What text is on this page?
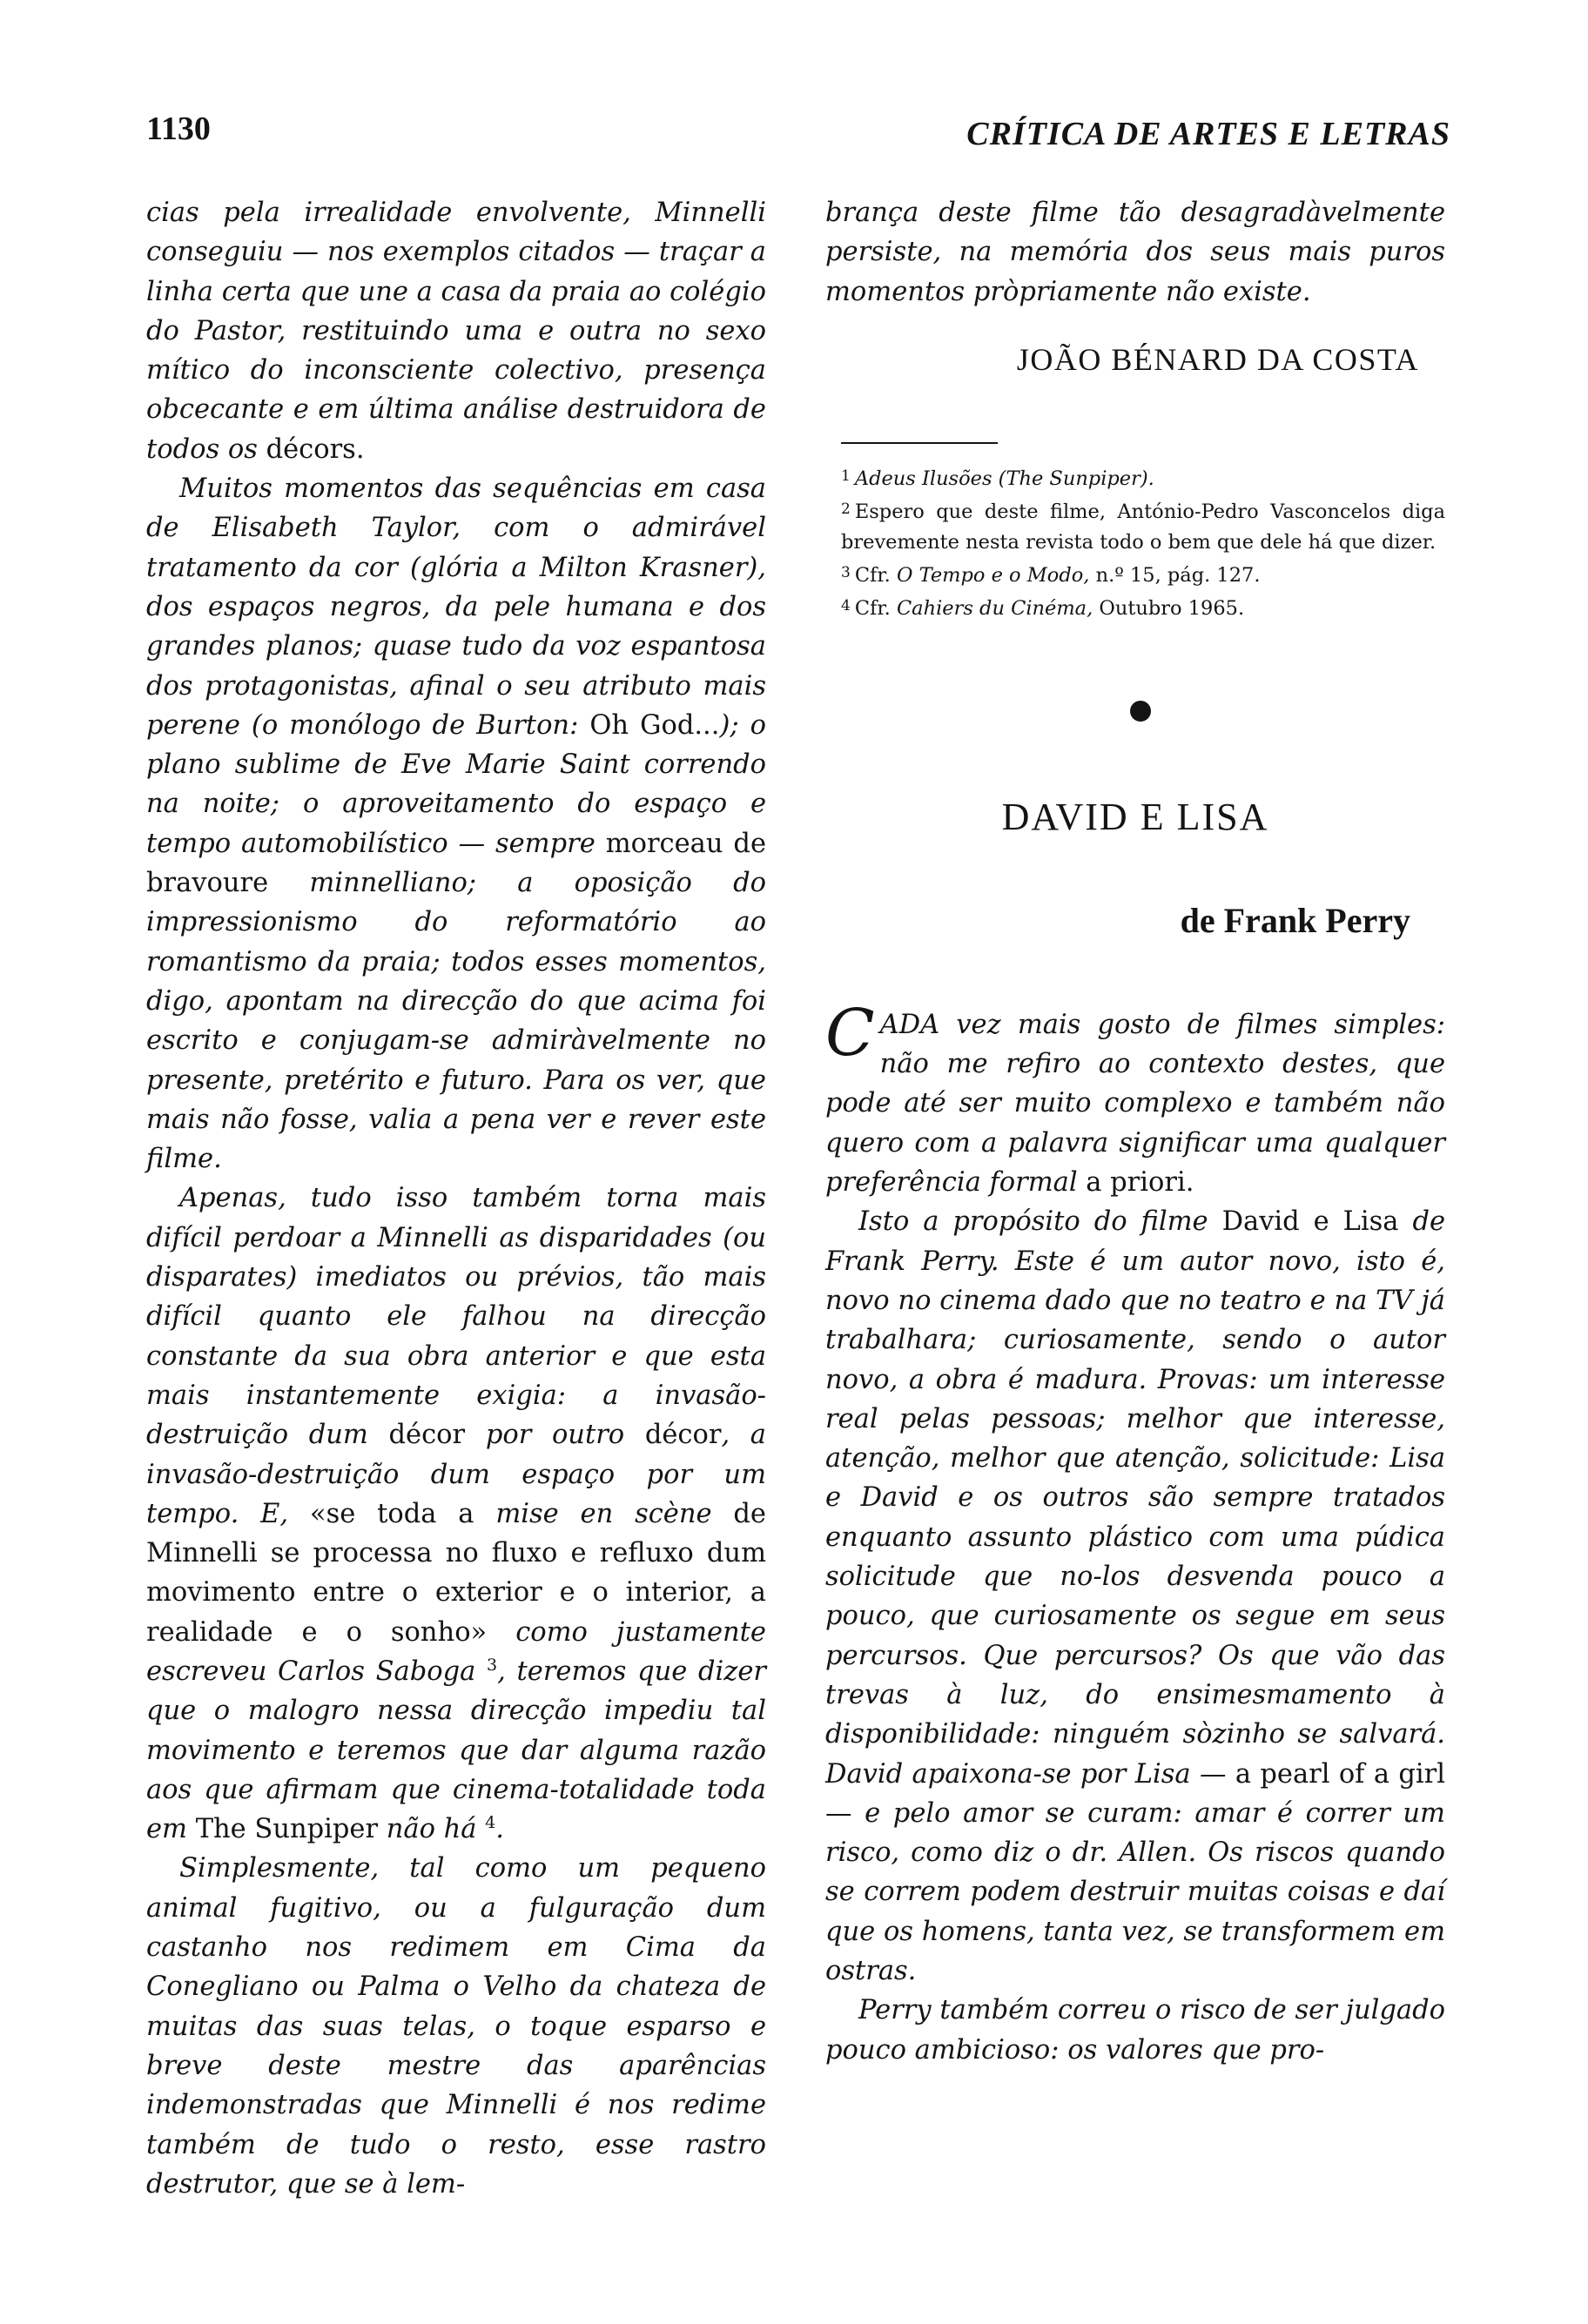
1130	CRÍTICA DE ARTES E LETRAS

cias pela irrealidade envolvente, Minnelli conseguiu — nos exemplos citados — traçar a linha certa que une a casa da praia ao colégio do Pastor, restituindo uma e outra no sexo mítico do inconsciente colectivo, presença obcecante e em última análise destruidora de todos os décors.

Muitos momentos das sequências em casa de Elisabeth Taylor, com o admirável tratamento da cor (glória a Milton Krasner), dos espaços negros, da pele humana e dos grandes planos; quase tudo da voz espantosa dos protagonistas, afinal o seu atributo mais perene (o monólogo de Burton: Oh God...); o plano sublime de Eve Marie Saint correndo na noite; o aproveitamento do espaço e tempo automobilístico — sempre morceau de bravoure minnelliano; a oposição do impressionismo do reformatório ao romantismo da praia; todos esses momentos, digo, apontam na direcção do que acima foi escrito e conjugam-se admiràvelmente no presente, pretérito e futuro. Para os ver, que mais não fosse, valia a pena ver e rever este filme.

Apenas, tudo isso também torna mais difícil perdoar a Minnelli as disparidades (ou disparates) imediatos ou prévios, tão mais difícil quanto ele falhou na direcção constante da sua obra anterior e que esta mais instantemente exigia: a invasão-destruição dum décor por outro décor, a invasão-destruição dum espaço por um tempo. E, «se toda a mise en scène de Minnelli se processa no fluxo e refluxo dum movimento entre o exterior e o interior, a realidade e o sonho» como justamente escreveu Carlos Saboga $^3$, teremos que dizer que o malogro nessa direcção impediu tal movimento e teremos que dar alguma razão aos que afirmam que cinema-totalidade toda em The Sunpiper não há $^4$.

Simplesmente, tal como um pequeno animal fugitivo, ou a fulguração dum castanho nos redimem em Cima da Conegliano ou Palma o Velho da chateza de muitas das suas telas, o toque esparso e breve deste mestre das aparências indemonstradas que Minnelli é nos redime também de tudo o resto, esse rastro destrutor, que se à lem-

brança deste filme tão desagradàvelmente persiste, na memória dos seus mais puros momentos pròpriamente não existe.

JOÃO BÉNARD DA COSTA

$^1$ Adeus Ilusões (The Sunpiper).

$^2$ Espero que deste filme, António-Pedro Vasconcelos diga brevemente nesta revista todo o bem que dele há que dizer.

$^3$ Cfr. O Tempo e o Modo, n.º 15, pág. 127.

$^4$ Cfr. Cahiers du Cinéma, Outubro 1965.

DAVID E LISA
de Frank Perry

CADA vez mais gosto de filmes simples: não me refiro ao contexto destes, que pode até ser muito complexo e também não quero com a palavra significar uma qualquer preferência formal a priori.

Isto a propósito do filme David e Lisa de Frank Perry. Este é um autor novo, isto é, novo no cinema dado que no teatro e na TV já trabalhara; curiosamente, sendo o autor novo, a obra é madura. Provas: um interesse real pelas pessoas; melhor que interesse, atenção, melhor que atenção, solicitude: Lisa e David e os outros são sempre tratados enquanto assunto plástico com uma púdica solicitude que no-los desvenda pouco a pouco, que curiosamente os segue em seus percursos. Que percursos? Os que vão das trevas à luz, do ensimesmamento à disponibilidade: ninguém sòzinho se salvará. David apaixona-se por Lisa — a pearl of a girl — e pelo amor se curam: amar é correr um risco, como diz o dr. Allen. Os riscos quando se correm podem destruir muitas coisas e daí que os homens, tanta vez, se transformem em ostras.

Perry também correu o risco de ser julgado pouco ambicioso: os valores que pro-
